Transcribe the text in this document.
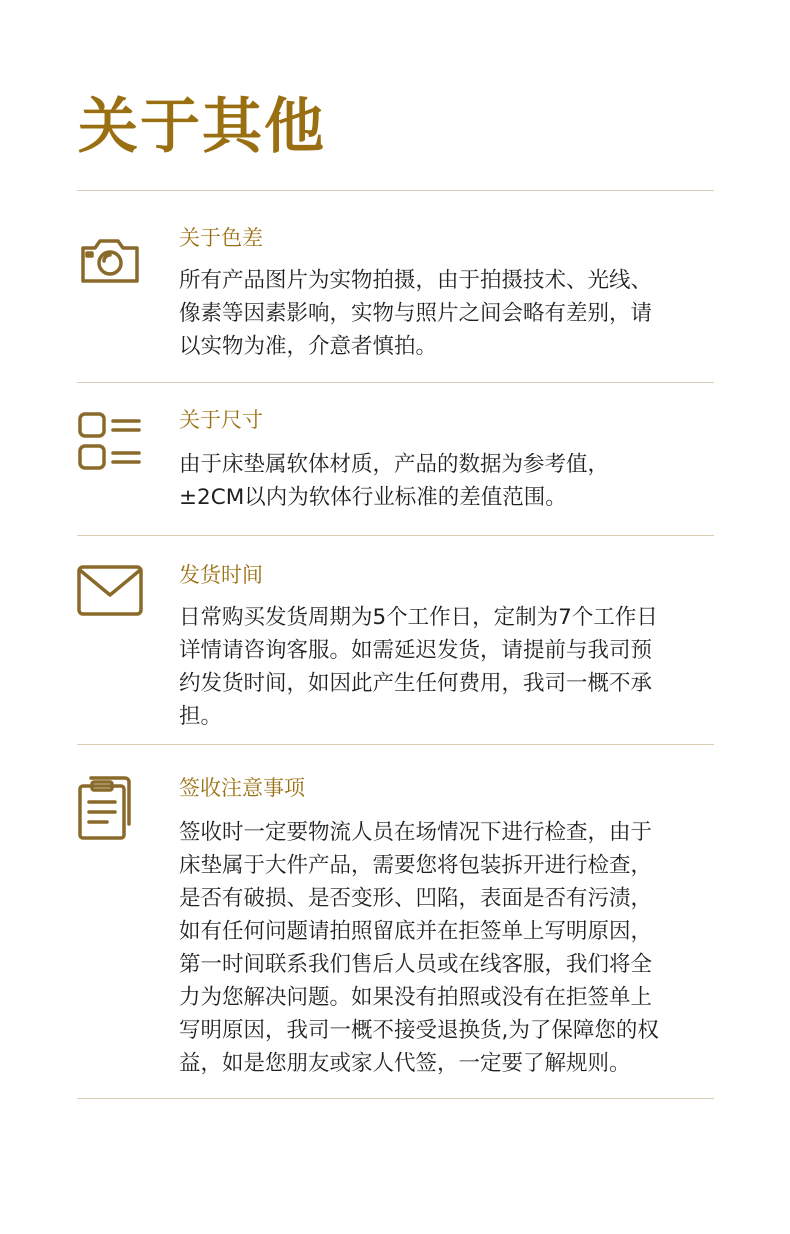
关于其他
关于色差
所有产品图片为实物拍摄，由于拍摄技术、光线、
像素等因素影响，实物与照片之间会略有差别，请
以实物为准，介意者慎拍。
关于尺寸
由于床垫属软体材质，产品的数据为参考值，
±2CM以内为软体行业标准的差值范围。
发货时间
日常购买发货周期为5个工作日，定制为7个工作日
详情请咨询客服。如需延迟发货，请提前与我司预
约发货时间，如因此产生任何费用，我司一概不承
担。
签收注意事项
签收时一定要物流人员在场情况下进行检查，由于
床垫属于大件产品，需要您将包装拆开进行检查，
是否有破损、是否变形、凹陷，表面是否有污渍，
如有任何问题请拍照留底并在拒签单上写明原因，
第一时间联系我们售后人员或在线客服，我们将全
力为您解决问题。如果没有拍照或没有在拒签单上
写明原因，我司一概不接受退换货,为了保障您的权
益，如是您朋友或家人代签，一定要了解规则。
